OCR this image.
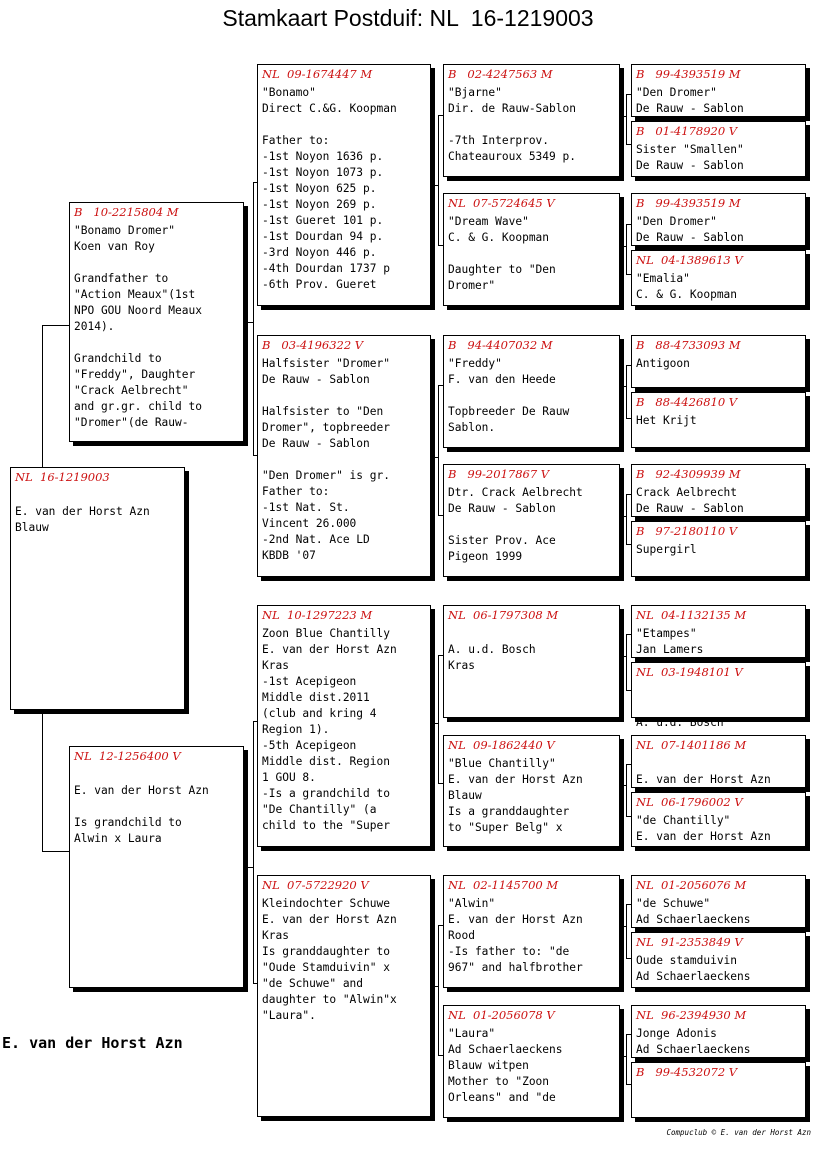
Stamkaart Postduif: NL  16-1219003
NL  16-1219003

E. van der Horst Azn
Blauw
B   10-2215804 M
"Bonamo Dromer"
Koen van Roy

Grandfather to
"Action Meaux"(1st
NPO GOU Noord Meaux
2014).

Grandchild to
"Freddy", Daughter
"Crack Aelbrecht"
and gr.gr. child to
"Dromer"(de Rauw-
NL  12-1256400 V

E. van der Horst Azn

Is grandchild to
Alwin x Laura
NL  09-1674447 M
"Bonamo"
Direct C.&G. Koopman

Father to:
-1st Noyon 1636 p.
-1st Noyon 1073 p.
-1st Noyon 625 p.
-1st Noyon 269 p.
-1st Gueret 101 p.
-1st Dourdan 94 p.
-3rd Noyon 446 p.
-4th Dourdan 1737 p
-6th Prov. Gueret
B   03-4196322 V
Halfsister "Dromer"
De Rauw - Sablon

Halfsister to "Den
Dromer", topbreeder
De Rauw - Sablon

"Den Dromer" is gr.
Father to:
-1st Nat. St.
Vincent 26.000
-2nd Nat. Ace LD
KBDB '07
NL  10-1297223 M
Zoon Blue Chantilly
E. van der Horst Azn
Kras
-1st Acepigeon
Middle dist.2011
(club and kring 4
Region 1).
-5th Acepigeon
Middle dist. Region
1 GOU 8.
-Is a grandchild to
"De Chantilly" (a
child to the "Super
NL  07-5722920 V
Kleindochter Schuwe
E. van der Horst Azn
Kras
Is granddaughter to
"Oude Stamduivin" x
"de Schuwe" and
daughter to "Alwin"x
"Laura".
B   02-4247563 M
"Bjarne"
Dir. de Rauw-Sablon

-7th Interprov.
Chateauroux 5349 p.
NL  07-5724645 V
"Dream Wave"
C. & G. Koopman

Daughter to "Den
Dromer"
B   94-4407032 M
"Freddy"
F. van den Heede

Topbreeder De Rauw
Sablon.
B   99-2017867 V
Dtr. Crack Aelbrecht
De Rauw - Sablon

Sister Prov. Ace
Pigeon 1999
NL  06-1797308 M

A. u.d. Bosch
Kras
NL  09-1862440 V
"Blue Chantilly"
E. van der Horst Azn
Blauw
Is a granddaughter
to "Super Belg" x
NL  02-1145700 M
"Alwin"
E. van der Horst Azn
Rood
-Is father to: "de
967" and halfbrother
NL  01-2056078 V
"Laura"
Ad Schaerlaeckens
Blauw witpen
Mother to "Zoon
Orleans" and "de
B   99-4393519 M
"Den Dromer"
De Rauw - Sablon
B   01-4178920 V
Sister "Smallen"
De Rauw - Sablon
B   99-4393519 M
"Den Dromer"
De Rauw - Sablon
NL  04-1389613 V
"Emalia"
C. & G. Koopman
B   88-4733093 M
Antigoon
B   88-4426810 V
Het Krijt
B   92-4309939 M
Crack Aelbrecht
De Rauw - Sablon
B   97-2180110 V
Supergirl
NL  04-1132135 M
"Etampes"
Jan Lamers
NL  03-1948101 V

A. u.d. Bosch
NL  07-1401186 M

E. van der Horst Azn
NL  06-1796002 V
"de Chantilly"
E. van der Horst Azn
NL  01-2056076 M
"de Schuwe"
Ad Schaerlaeckens
NL  91-2353849 V
Oude stamduivin
Ad Schaerlaeckens
NL  96-2394930 M
Jonge Adonis
Ad Schaerlaeckens
B   99-4532072 V
E. van der Horst Azn
Compuclub © E. van der Horst Azn
